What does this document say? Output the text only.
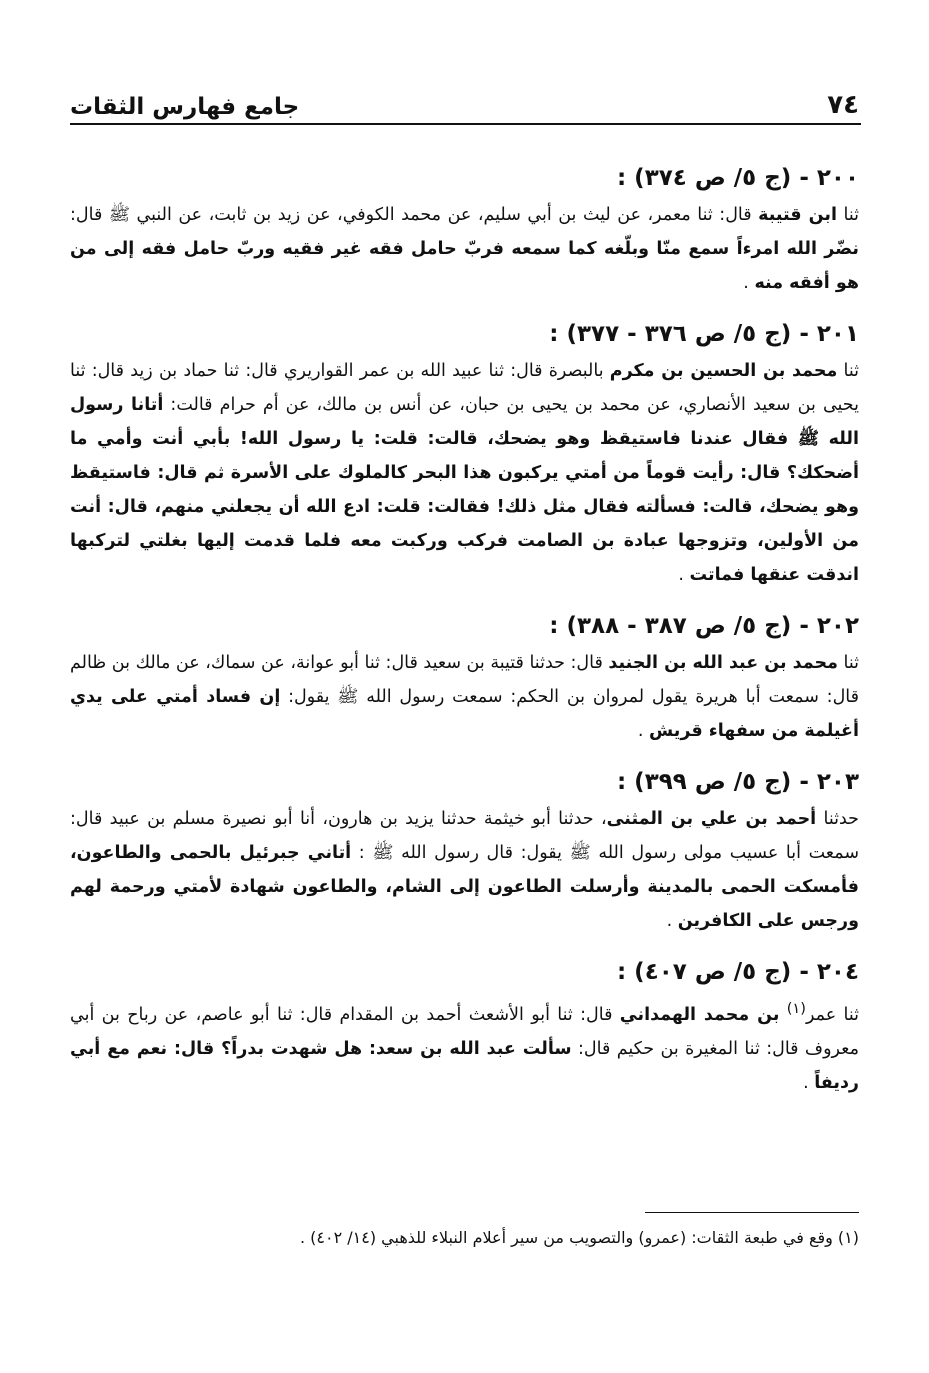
٧٤
جامع فهارس الثقات
٢٠٠ - (ج ٥/ ص ٣٧٤) :

ثنا ابن قتيبة قال: ثنا معمر، عن ليث بن أبي سليم، عن محمد الكوفي، عن زيد بن ثابت، عن النبي ﷺ قال: نضّر الله امرءاً سمع منّا وبلّغه كما سمعه فربّ حامل فقه غير فقيه وربّ حامل فقه إلى من هو أفقه منه .

٢٠١ - (ج ٥/ ص ٣٧٦ - ٣٧٧) :

ثنا محمد بن الحسين بن مكرم بالبصرة قال: ثنا عبيد الله بن عمر القواريري قال: ثنا حماد بن زيد قال: ثنا يحيى بن سعيد الأنصاري، عن محمد بن يحيى بن حبان، عن أنس بن مالك، عن أم حرام قالت: أتانا رسول الله ﷺ فقال عندنا فاستيقظ وهو يضحك، قالت: قلت: يا رسول الله! بأبي أنت وأمي ما أضحكك؟ قال: رأيت قوماً من أمتي يركبون هذا البحر كالملوك على الأسرة ثم قال: فاستيقظ وهو يضحك، قالت: فسألته فقال مثل ذلك! فقالت: قلت: ادع الله أن يجعلني منهم، قال: أنت من الأولين، وتزوجها عبادة بن الصامت فركب وركبت معه فلما قدمت إليها بغلتي لتركبها اندقت عنقها فماتت .

٢٠٢ - (ج ٥/ ص ٣٨٧ - ٣٨٨) :

ثنا محمد بن عبد الله بن الجنيد قال: حدثنا قتيبة بن سعيد قال: ثنا أبو عوانة، عن سماك، عن مالك بن ظالم قال: سمعت أبا هريرة يقول لمروان بن الحكم: سمعت رسول الله ﷺ يقول: إن فساد أمتي على يدي أغيلمة من سفهاء قريش .

٢٠٣ - (ج ٥/ ص ٣٩٩) :

حدثنا أحمد بن علي بن المثنى، حدثنا أبو خيثمة حدثنا يزيد بن هارون، أنا أبو نصيرة مسلم بن عبيد قال: سمعت أبا عسيب مولى رسول الله ﷺ يقول: قال رسول الله ﷺ : أتاني جبرئيل بالحمى والطاعون، فأمسكت الحمى بالمدينة وأرسلت الطاعون إلى الشام، والطاعون شهادة لأمتي ورحمة لهم ورجس على الكافرين .

٢٠٤ - (ج ٥/ ص ٤٠٧) :

ثنا عمر$^{(١)}$ بن محمد الهمداني قال: ثنا أبو الأشعث أحمد بن المقدام قال: ثنا أبو عاصم، عن رباح بن أبي معروف قال: ثنا المغيرة بن حكيم قال: سألت عبد الله بن سعد: هل شهدت بدراً؟ قال: نعم مع أبي رديفاً .

(١) وقع في طبعة الثقات: (عمرو) والتصويب من سير أعلام النبلاء للذهبي (١٤/ ٤٠٢) .
